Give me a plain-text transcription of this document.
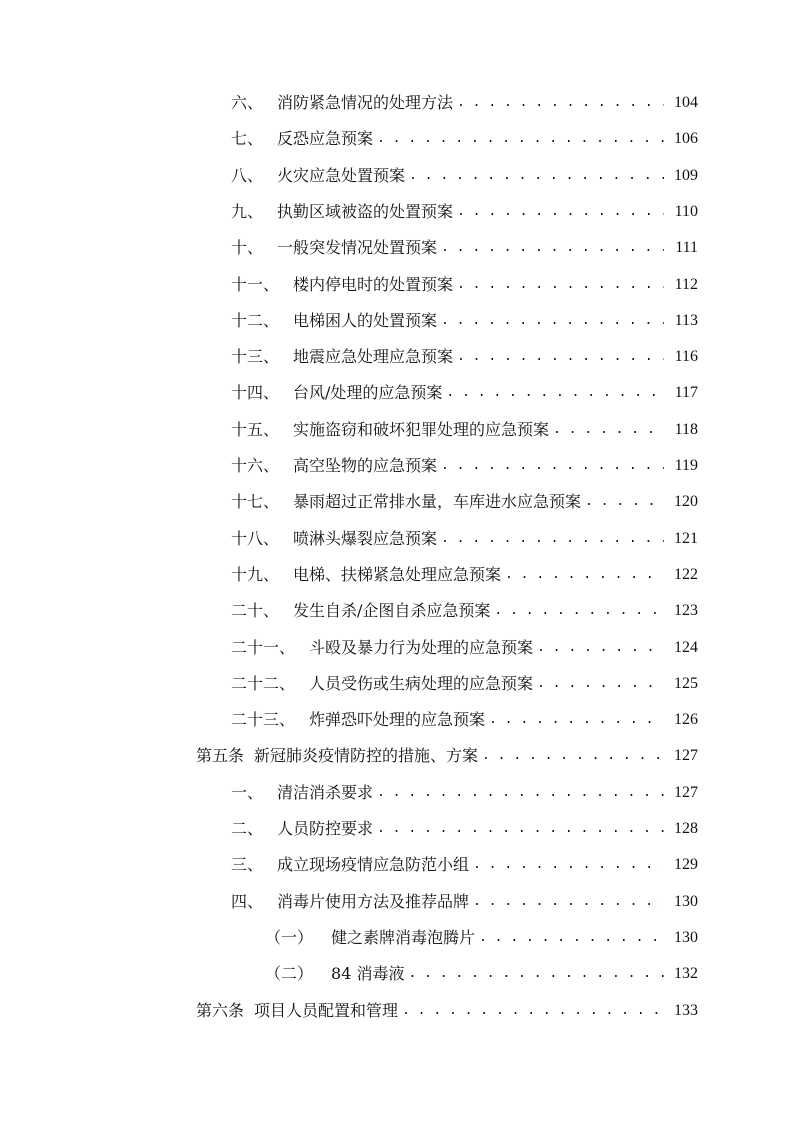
六、 消防紧急情况的处理方法 . . .	104
七、 反恐应急预案 . . .	106
八、 火灾应急处置预案 . . .	109
九、 执勤区域被盗的处置预案 . . .	110
十、 一般突发情况处置预案 . . .	111
十一、 楼内停电时的处置预案 . . .	112
十二、 电梯困人的处置预案 . . .	113
十三、 地震应急处理应急预案 . . .	116
十四、 台风/处理的应急预案 . . .	117
十五、 实施盗窃和破坏犯罪处理的应急预案 . . .	118
十六、 高空坠物的应急预案 . . .	119
十七、 暴雨超过正常排水量，车库进水应急预案 . . .	120
十八、 喷淋头爆裂应急预案 . . .	121
十九、 电梯、扶梯紧急处理应急预案 . . .	122
二十、 发生自杀/企图自杀应急预案 . . .	123
二十一、 斗殴及暴力行为处理的应急预案 . . .	124
二十二、 人员受伤或生病处理的应急预案 . . .	125
二十三、 炸弹恐吓处理的应急预案 . . .	126
第五条 新冠肺炎疫情防控的措施、方案 . . .	127
一、 清洁消杀要求 . . .	127
二、 人员防控要求 . . .	128
三、 成立现场疫情应急防范小组 . . .	129
四、 消毒片使用方法及推荐品牌 . . .	130
（一） 健之素牌消毒泡腾片 . . .	130
（二） 84 消毒液 . . .	132
第六条 项目人员配置和管理 . . .	133
